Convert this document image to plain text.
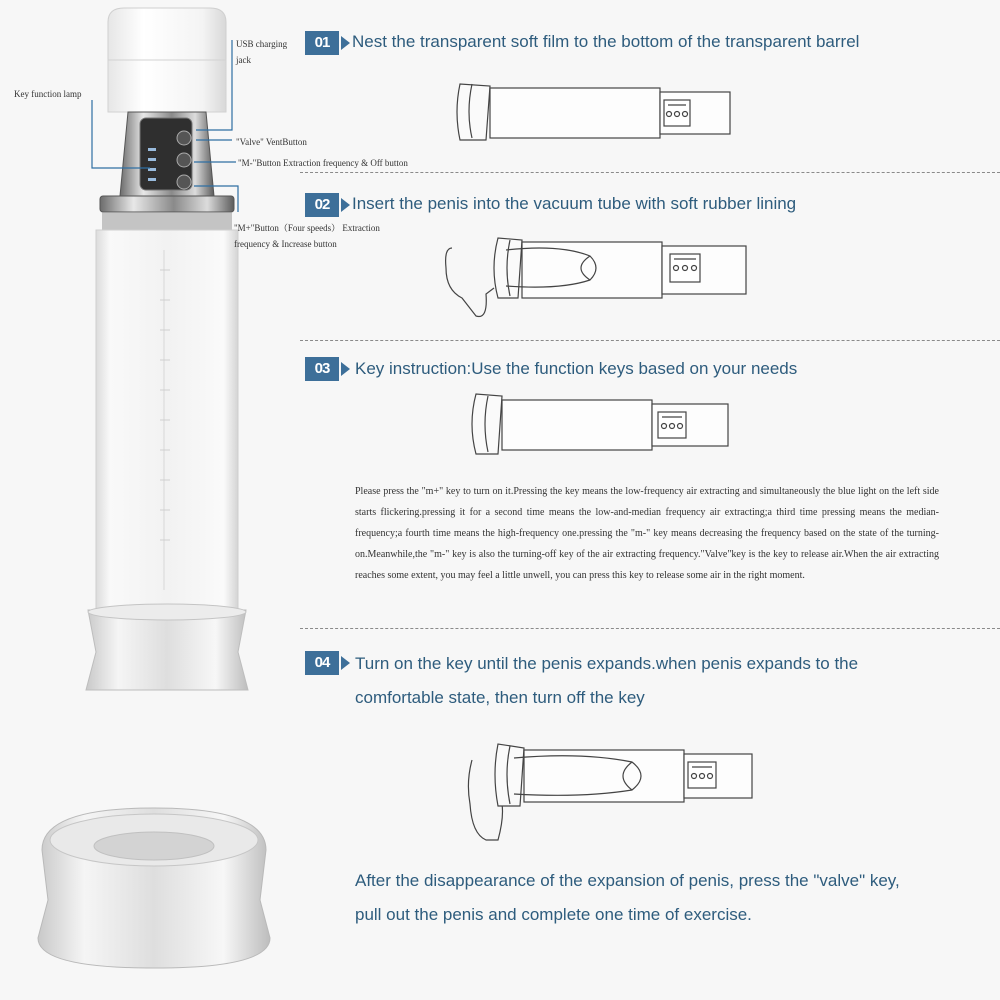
USB charging jack
Key function lamp
"Valve" VentButton
"M-"Button Extraction frequency & Off button
"M+"Button（Four speeds） Extraction frequency & Increase button
01	Nest the transparent soft film to the bottom of the transparent barrel
02	Insert the penis into the vacuum tube with soft rubber lining
03	Key instruction:Use the function keys based on your needs
Please press the "m+" key to turn on it.Pressing the key means the low-frequency air extracting and simultaneously the blue light on the left side starts flickering.pressing it for a second time means the low-and-median frequency air extracting;a third time pressing means the median-frequency;a fourth time means the high-frequency one.pressing the "m-" key means decreasing the frequency based on the state of the turning-on.Meanwhile,the "m-" key is also the turning-off key of the air extracting frequency."Valve"key is the key to release air.When the air extracting reaches some extent, you may feel a little unwell, you can press this key to release some air in the right moment.
04	Turn on the key until the penis expands.when penis expands to the comfortable state, then turn off the key
After the disappearance of the expansion of penis, press the "valve" key, pull out the penis and complete one time of exercise.
